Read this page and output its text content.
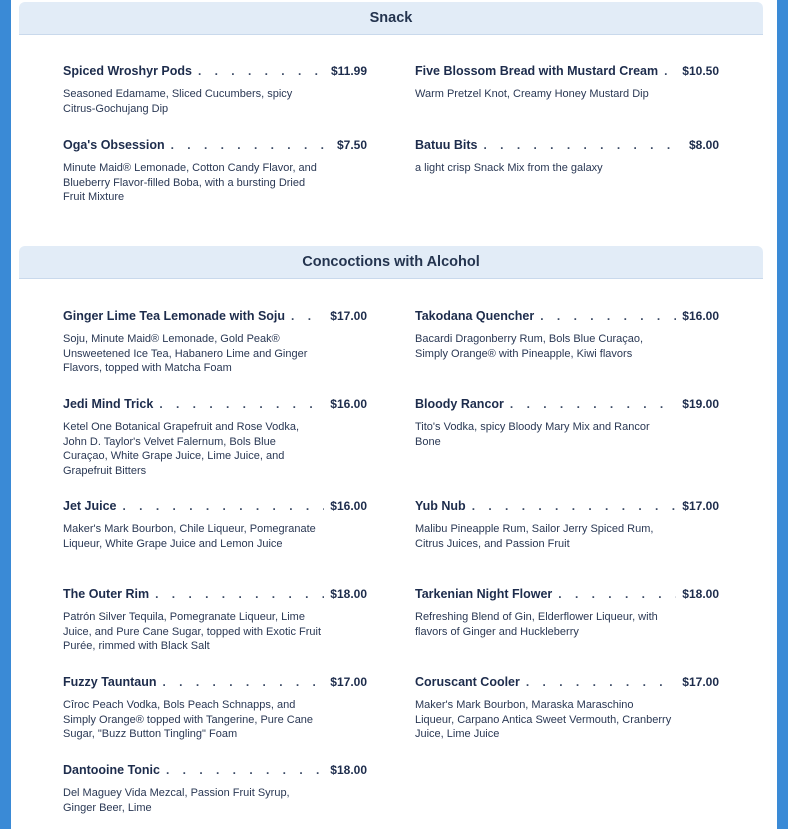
Snack
Spiced Wroshyr Pods . . .	$11.99
Seasoned Edamame, Sliced Cucumbers, spicy Citrus-Gochujang Dip
Five Blossom Bread with Mustard Cream . . . $10.50
Warm Pretzel Knot, Creamy Honey Mustard Dip
Oga's Obsession . . .	$7.50
Minute Maid® Lemonade, Cotton Candy Flavor, and Blueberry Flavor-filled Boba, with a bursting Dried Fruit Mixture
Batuu Bits . . .	$8.00
a light crisp Snack Mix from the galaxy
Concoctions with Alcohol
Ginger Lime Tea Lemonade with Soju . . .	$17.00
Soju, Minute Maid® Lemonade, Gold Peak® Unsweetened Ice Tea, Habanero Lime and Ginger Flavors, topped with Matcha Foam
Takodana Quencher . . .	$16.00
Bacardi Dragonberry Rum, Bols Blue Curaçao, Simply Orange® with Pineapple, Kiwi flavors
Jedi Mind Trick . . .	$16.00
Ketel One Botanical Grapefruit and Rose Vodka, John D. Taylor's Velvet Falernum, Bols Blue Curaçao, White Grape Juice, Lime Juice, and Grapefruit Bitters
Bloody Rancor . . .	$19.00
Tito's Vodka, spicy Bloody Mary Mix and Rancor Bone
Jet Juice . . .	$16.00
Maker's Mark Bourbon, Chile Liqueur, Pomegranate Liqueur, White Grape Juice and Lemon Juice
Yub Nub . . .	$17.00
Malibu Pineapple Rum, Sailor Jerry Spiced Rum, Citrus Juices, and Passion Fruit
The Outer Rim . . .	$18.00
Patrón Silver Tequila, Pomegranate Liqueur, Lime Juice, and Pure Cane Sugar, topped with Exotic Fruit Purée, rimmed with Black Salt
Tarkenian Night Flower . . .	$18.00
Refreshing Blend of Gin, Elderflower Liqueur, with flavors of Ginger and Huckleberry
Fuzzy Tauntaun . . .	$17.00
Cîroc Peach Vodka, Bols Peach Schnapps, and Simply Orange® topped with Tangerine, Pure Cane Sugar, "Buzz Button Tingling" Foam
Coruscant Cooler . . .	$17.00
Maker's Mark Bourbon, Maraska Maraschino Liqueur, Carpano Antica Sweet Vermouth, Cranberry Juice, Lime Juice
Dantooine Tonic . . .	$18.00
Del Maguey Vida Mezcal, Passion Fruit Syrup, Ginger Beer, Lime
